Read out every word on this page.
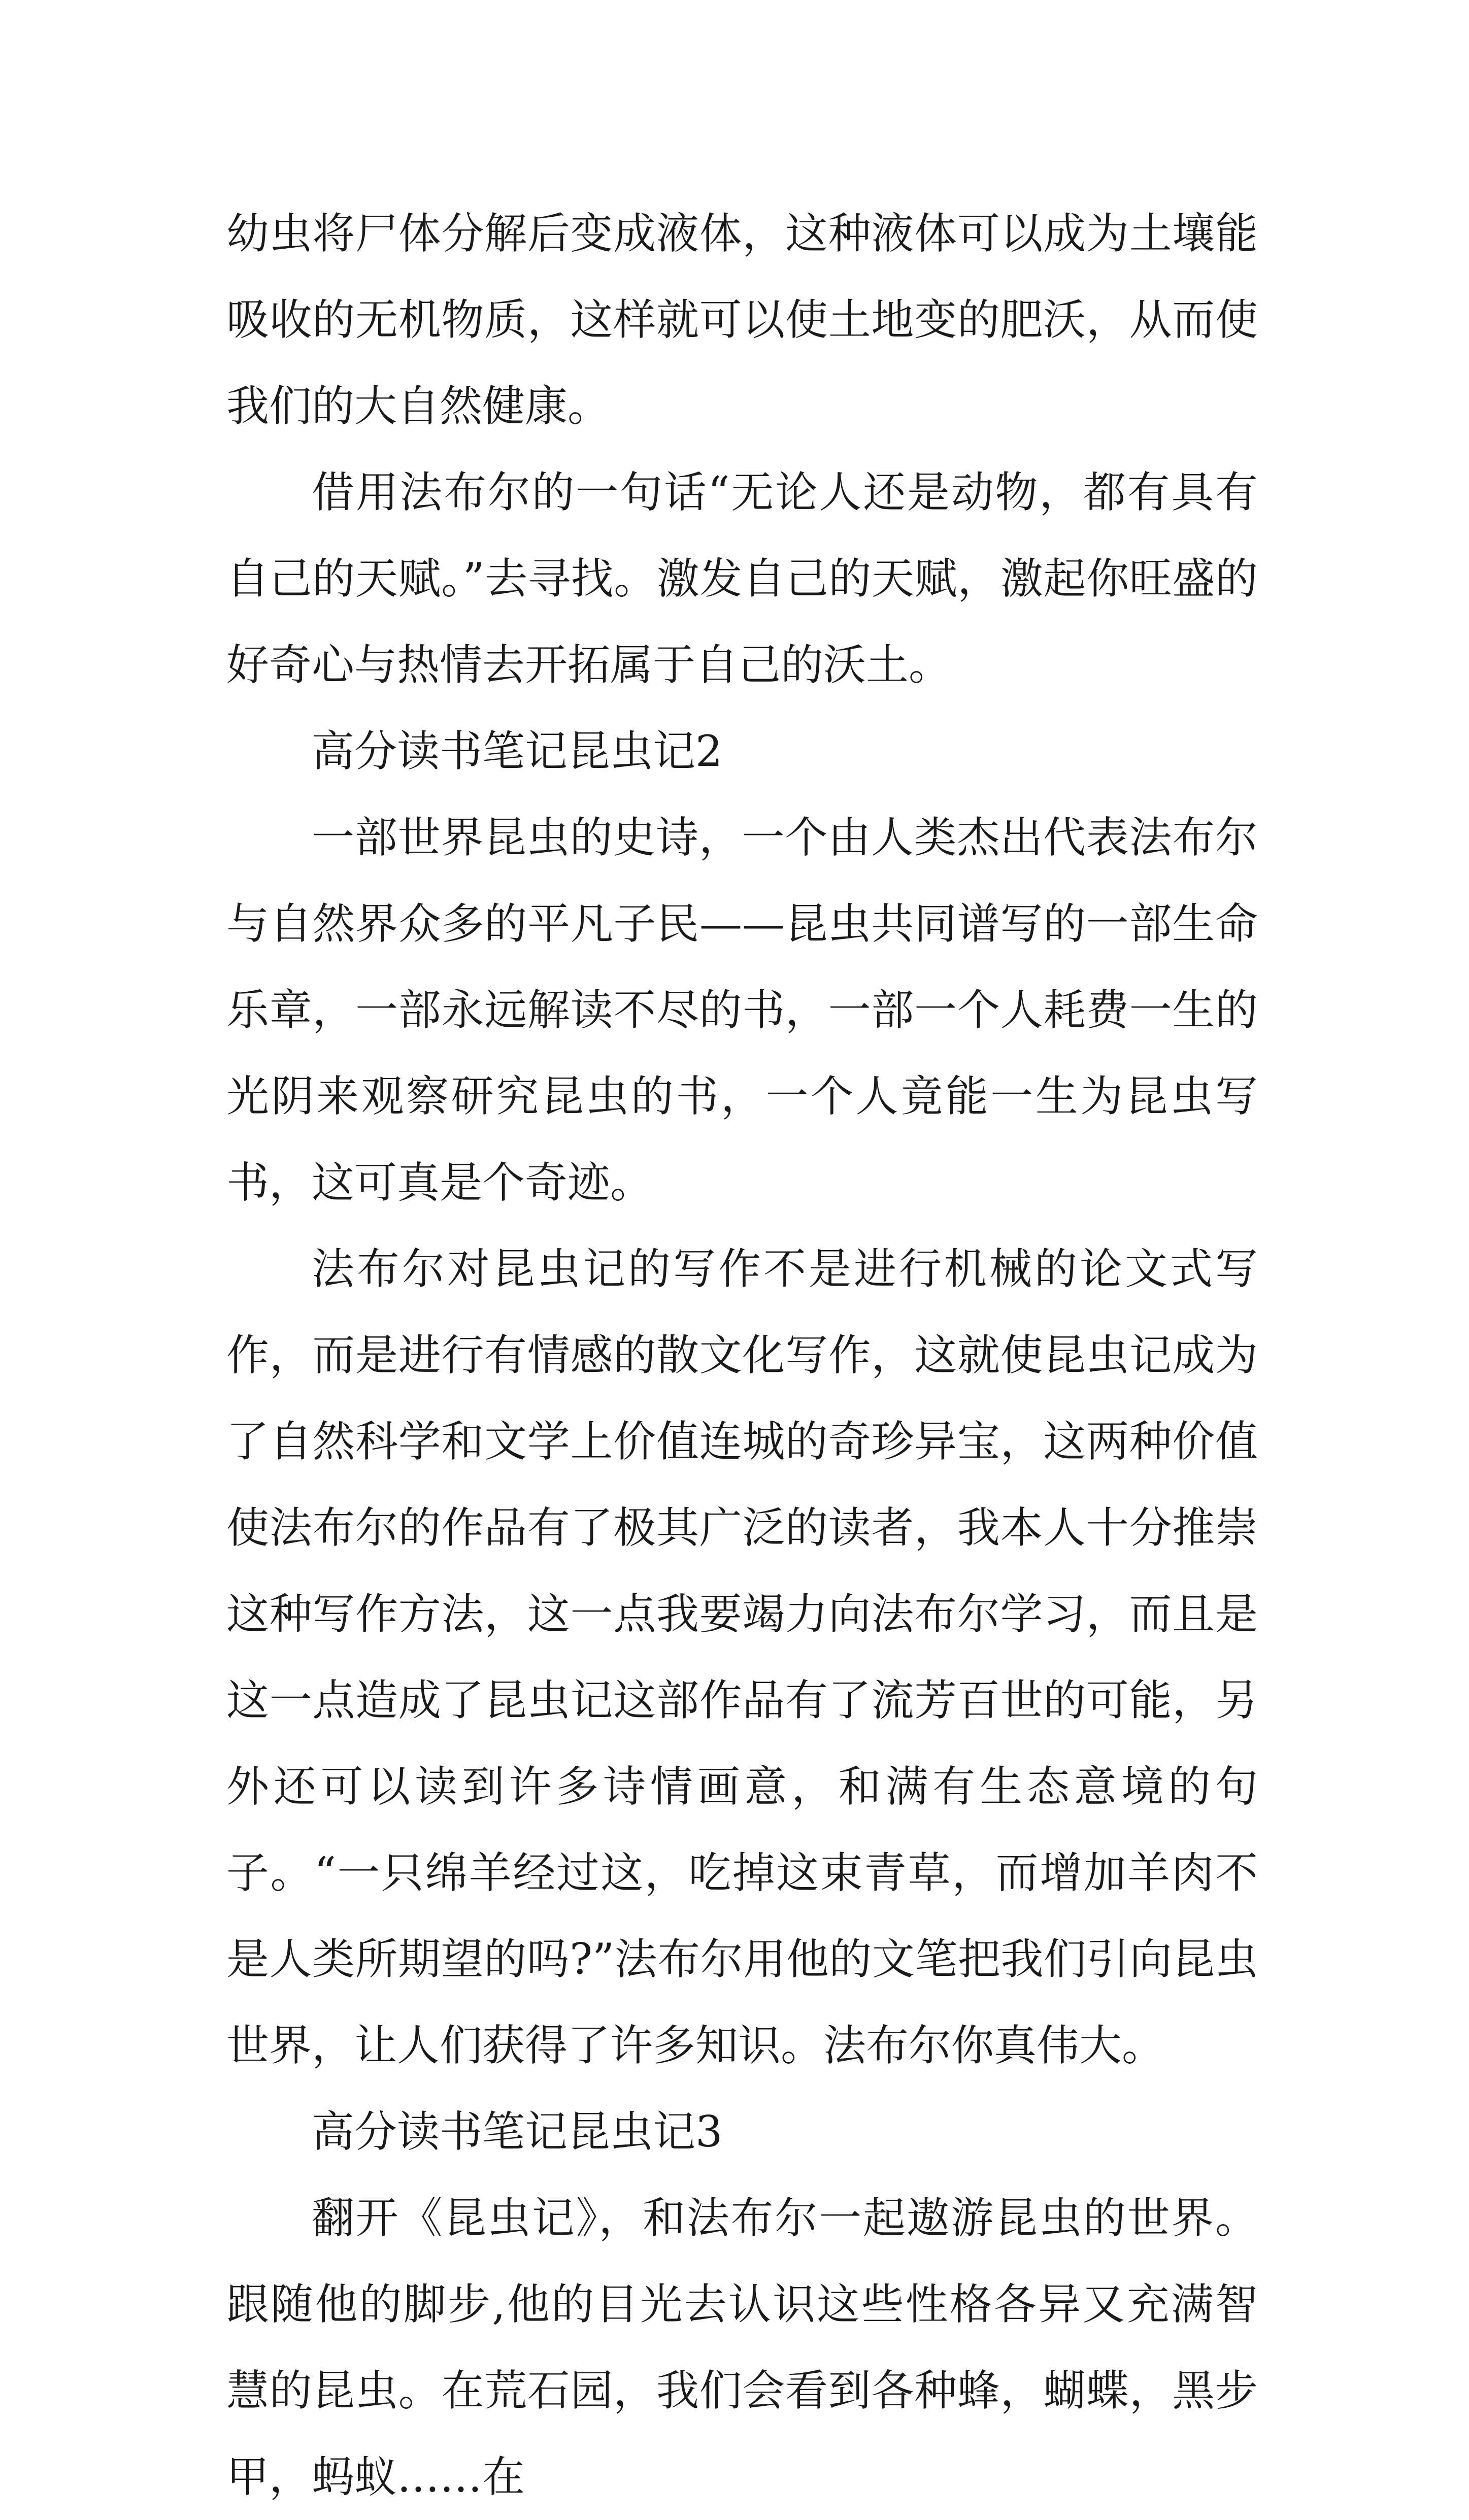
幼虫将尸体分解后变成液体，这种液体可以成为土壤能吸收的无机物质，这样就可以使土地变的肥沃，从而使我们的大自然健康。

借用法布尔的一句话“无论人还是动物，都有具有自己的天赋。”去寻找。激发自己的天赋，激起你旺盛的好奇心与热情去开拓属于自己的沃土。

高分读书笔记昆虫记2

一部世界昆虫的史诗，一个由人类杰出代表法布尔与自然界众多的平凡子民——昆虫共同谱写的一部生命乐章，一部永远解读不尽的书，一部一个人耗费一生的光阴来观察研究昆虫的书，一个人竟能一生为昆虫写书，这可真是个奇迹。

法布尔对昆虫记的写作不是进行机械的论文式写作，而是进行有情感的散文化写作，这就使昆虫记成为了自然科学和文学上价值连城的奇珍异宝，这两种价值使法布尔的作品有了极其广泛的读者，我本人十分推崇这种写作方法，这一点我要竭力向法布尔学习，而且是这一点造成了昆虫记这部作品有了流芳百世的可能，另外还可以读到许多诗情画意，和满有生态意境的句子。“一只绵羊经过这，吃掉这束青草，而增加羊肉不是人类所期望的吗?”法布尔用他的文笔把我们引向昆虫世界，让人们获得了许多知识。法布尔你真伟大。

高分读书笔记昆虫记3

翻开《昆虫记》，和法布尔一起遨游昆虫的世界。跟随他的脚步,他的目光去认识这些性格各异又充满智慧的昆虫。在荒石园，我们会看到各种蜂，蝴蝶，黑步甲，蚂蚁……在
